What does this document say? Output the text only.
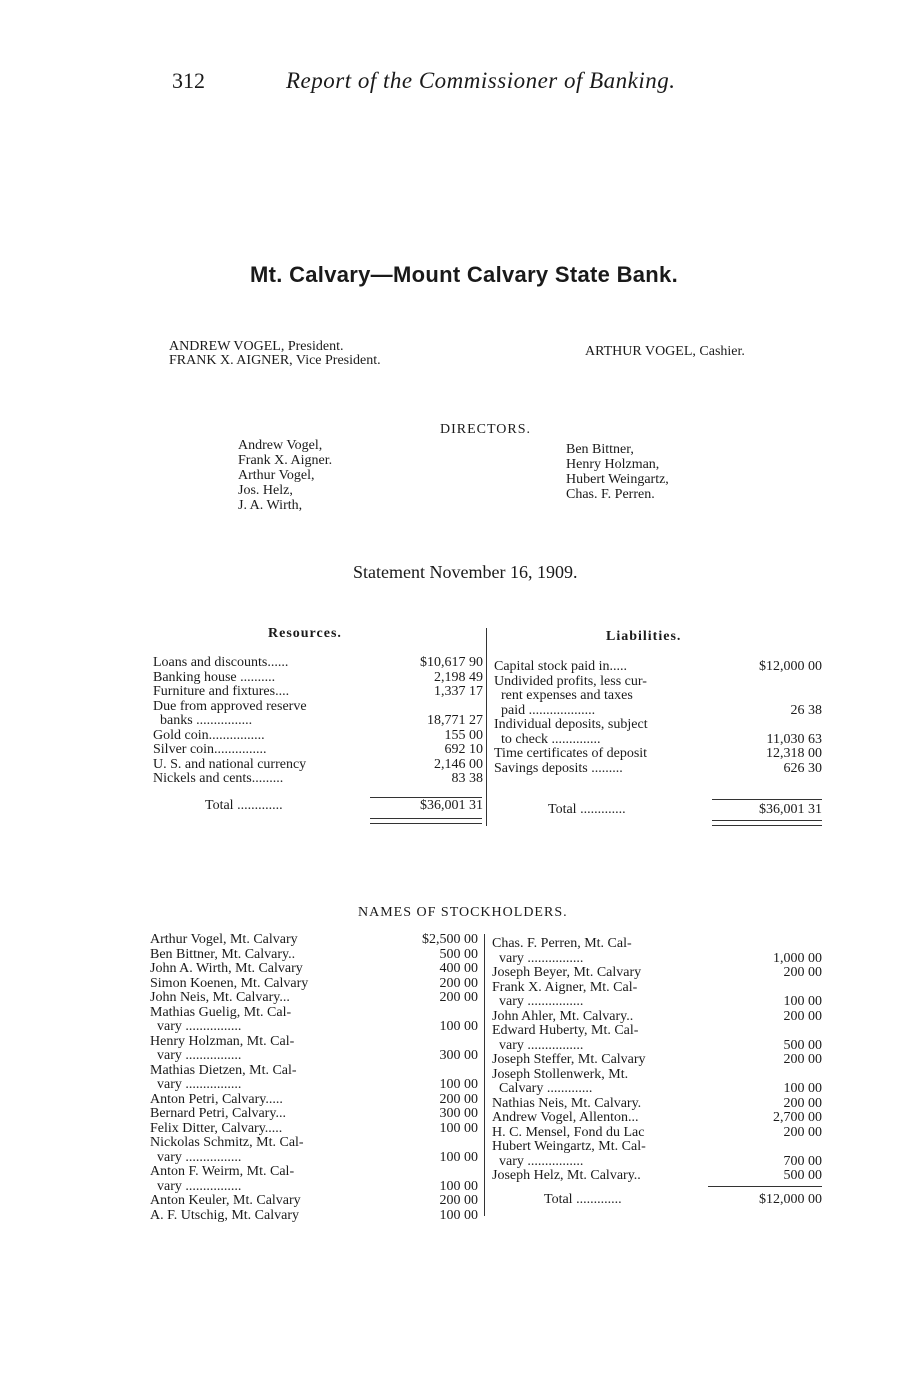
312	Report of the Commissioner of Banking.
Mt. Calvary—Mount Calvary State Bank.
ANDREW VOGEL, President.
FRANK X. AIGNER, Vice President.
ARTHUR VOGEL, Cashier.
DIRECTORS.
Andrew Vogel,
Frank X. Aigner.
Arthur Vogel,
Jos. Helz,
J. A. Wirth,
Ben Bittner,
Henry Holzman,
Hubert Weingartz,
Chas. F. Perren.
Statement November 16, 1909.
Resources.	Liabilities.
Loans and discounts......	$10,617 90
Banking house ..........	2,198 49
Furniture and fixtures....	1,337 17
Due from approved reserve
banks ................	18,771 27
Gold coin................	155 00
Silver coin...............	692 10
U. S. and national currency	2,146 00
Nickels and cents.........	83 38
Capital stock paid in.....	$12,000 00
Undivided profits, less cur-
rent expenses and taxes
paid ...................	26 38
Individual deposits, subject
to check ..............	11,030 63
Time certificates of deposit	12,318 00
Savings deposits .........	626 30
Total .............	$36,001 31	Total .............	$36,001 31
NAMES OF STOCKHOLDERS.
Arthur Vogel, Mt. Calvary	$2,500 00
Ben Bittner, Mt. Calvary..	500 00
John A. Wirth, Mt. Calvary	400 00
Simon Koenen, Mt. Calvary	200 00
John Neis, Mt. Calvary...	200 00
Mathias Guelig, Mt. Cal-
vary ................	100 00
Henry Holzman, Mt. Cal-
vary ................	300 00
Mathias Dietzen, Mt. Cal-
vary ................	100 00
Anton Petri, Calvary.....	200 00
Bernard Petri, Calvary...	300 00
Felix Ditter, Calvary.....	100 00
Nickolas Schmitz, Mt. Cal-
vary ................	100 00
Anton F. Weirm, Mt. Cal-
vary ................	100 00
Anton Keuler, Mt. Calvary	200 00
A. F. Utschig, Mt. Calvary	100 00
Chas. F. Perren, Mt. Cal-
vary ................	1,000 00
Joseph Beyer, Mt. Calvary	200 00
Frank X. Aigner, Mt. Cal-
vary ................	100 00
John Ahler, Mt. Calvary..	200 00
Edward Huberty, Mt. Cal-
vary ................	500 00
Joseph Steffer, Mt. Calvary	200 00
Joseph Stollenwerk, Mt.
Calvary .............	100 00
Nathias Neis, Mt. Calvary.	200 00
Andrew Vogel, Allenton...	2,700 00
H. C. Mensel, Fond du Lac	200 00
Hubert Weingartz, Mt. Cal-
vary ................	700 00
Joseph Helz, Mt. Calvary..	500 00
Total .............	$12,000 00
